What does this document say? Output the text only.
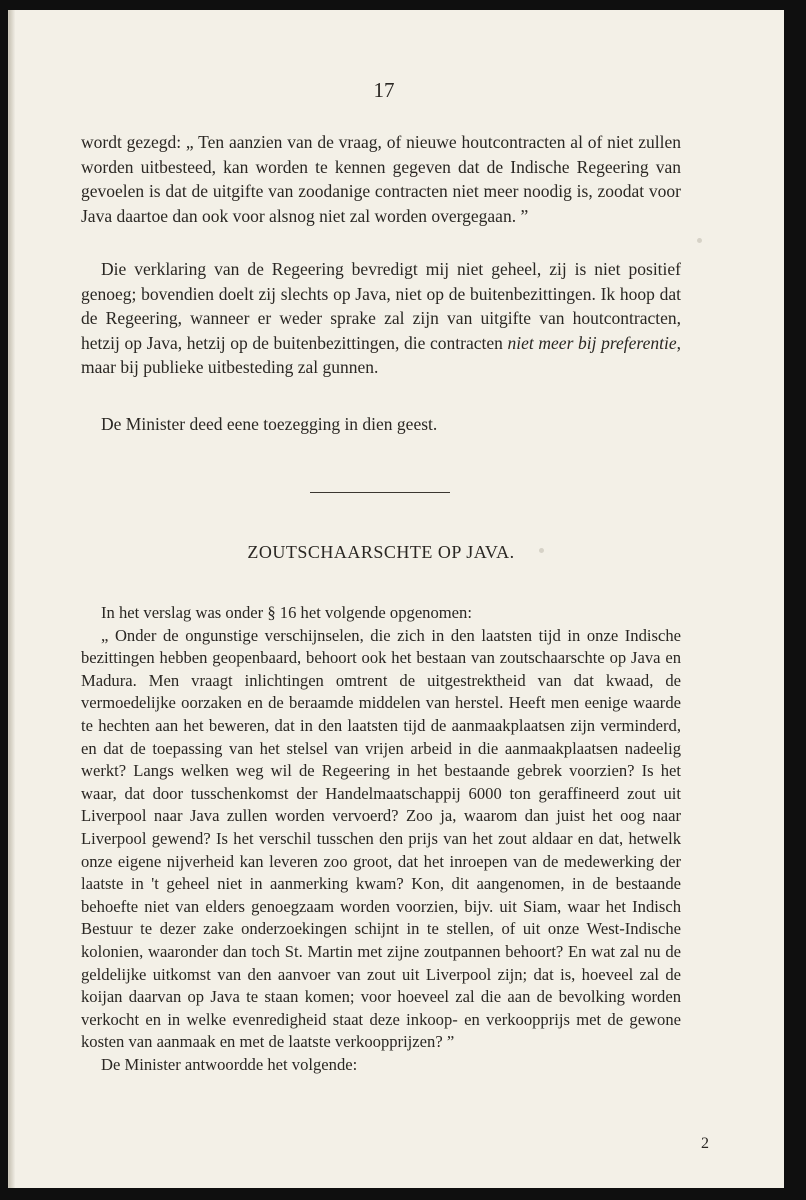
17

wordt gezegd: „ Ten aanzien van de vraag, of nieuwe houtcontracten al of niet zullen worden uitbesteed, kan worden te kennen gegeven dat de Indische Regeering van gevoelen is dat de uitgifte van zoodanige contracten niet meer noodig is, zoodat voor Java daartoe dan ook voor alsnog niet zal worden overgegaan. ”

Die verklaring van de Regeering bevredigt mij niet geheel, zij is niet positief genoeg; bovendien doelt zij slechts op Java, niet op de buitenbezittingen. Ik hoop dat de Regeering, wanneer er weder sprake zal zijn van uitgifte van houtcontracten, hetzij op Java, hetzij op de buitenbezittingen, die contracten niet meer bij preferentie, maar bij publieke uitbesteding zal gunnen.

De Minister deed eene toezegging in dien geest.

ZOUTSCHAARSCHTE OP JAVA.

In het verslag was onder § 16 het volgende opgenomen:

„ Onder de ongunstige verschijnselen, die zich in den laatsten tijd in onze Indische bezittingen hebben geopenbaard, behoort ook het bestaan van zoutschaarschte op Java en Madura. Men vraagt inlichtingen omtrent de uitgestrektheid van dat kwaad, de vermoedelijke oorzaken en de beraamde middelen van herstel. Heeft men eenige waarde te hechten aan het beweren, dat in den laatsten tijd de aanmaakplaatsen zijn verminderd, en dat de toepassing van het stelsel van vrijen arbeid in die aanmaakplaatsen nadeelig werkt? Langs welken weg wil de Regeering in het bestaande gebrek voorzien? Is het waar, dat door tusschenkomst der Handelmaatschappij 6000 ton geraffineerd zout uit Liverpool naar Java zullen worden vervoerd? Zoo ja, waarom dan juist het oog naar Liverpool gewend? Is het verschil tusschen den prijs van het zout aldaar en dat, hetwelk onze eigene nijverheid kan leveren zoo groot, dat het inroepen van de medewerking der laatste in 't geheel niet in aanmerking kwam? Kon, dit aangenomen, in de bestaande behoefte niet van elders genoegzaam worden voorzien, bijv. uit Siam, waar het Indisch Bestuur te dezer zake onderzoekingen schijnt in te stellen, of uit onze West-Indische kolonien, waaronder dan toch St. Martin met zijne zoutpannen behoort? En wat zal nu de geldelijke uitkomst van den aanvoer van zout uit Liverpool zijn; dat is, hoeveel zal de koijan daarvan op Java te staan komen; voor hoeveel zal die aan de bevolking worden verkocht en in welke evenredigheid staat deze inkoop- en verkoopprijs met de gewone kosten van aanmaak en met de laatste verkoopprijzen? ”

De Minister antwoordde het volgende:

2
